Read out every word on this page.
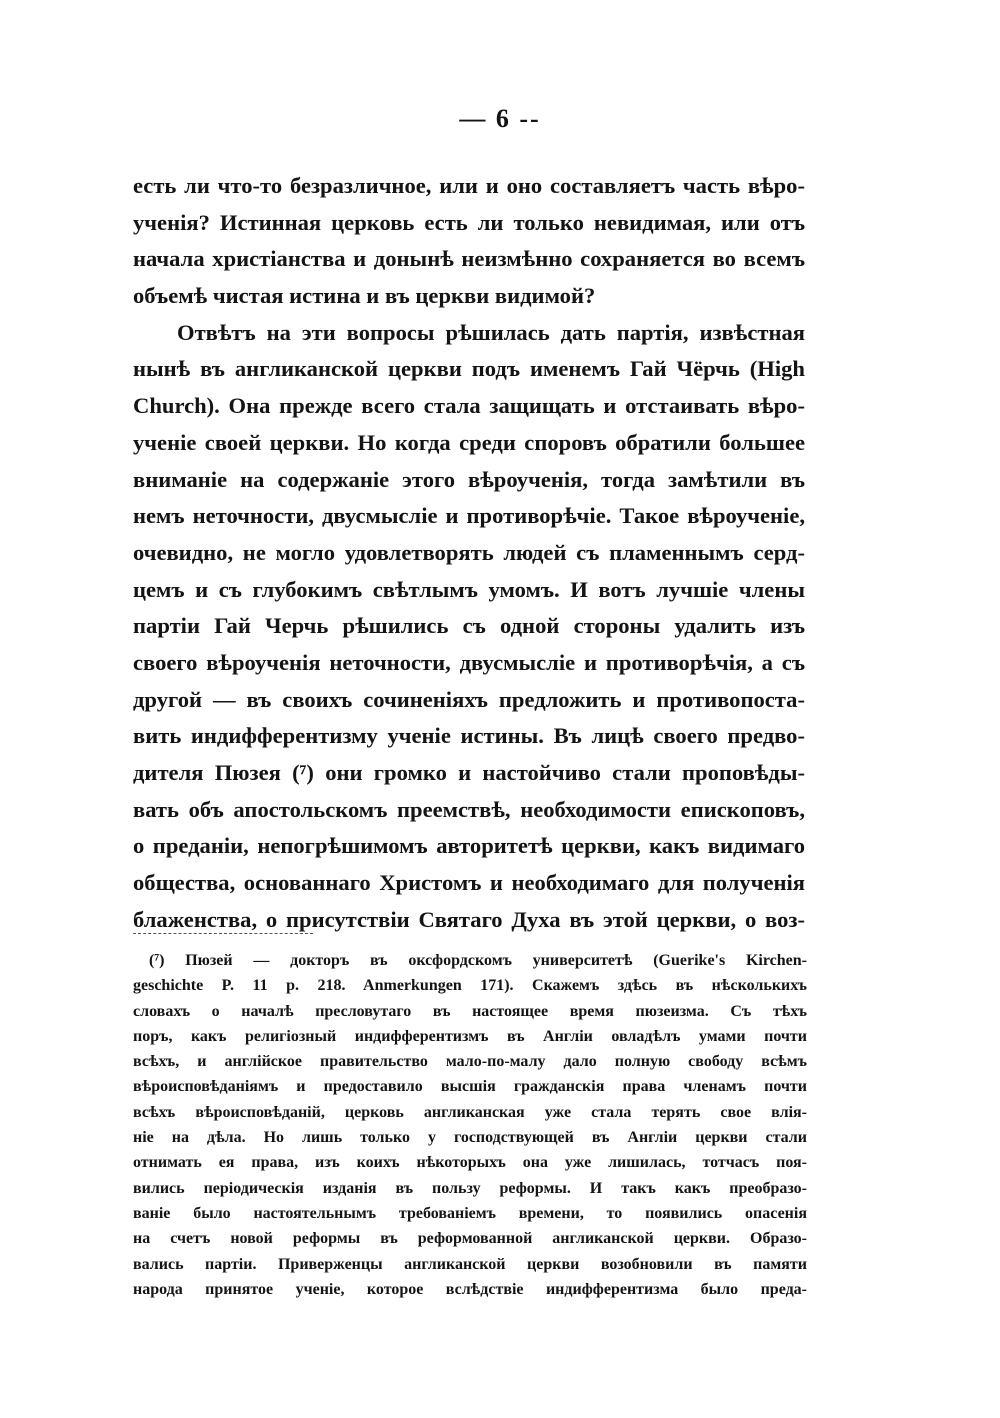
— 6 --
есть ли что-то безразличное, или и оно составляетъ часть вѣро-
ученія? Истинная церковь есть ли только невидимая, или отъ
начала христіанства и донынѣ неизмѣнно сохраняется во всемъ
объемѣ чистая истина и въ церкви видимой?
Отвѣтъ на эти вопросы рѣшилась дать партія, извѣстная
нынѣ въ англиканской церкви подъ именемъ Гай Чёрчь (High
Church). Она прежде всего стала защищать и отстаивать вѣро-
ученіе своей церкви. Но когда среди споровъ обратили большее
вниманіе на содержаніе этого вѣроученія, тогда замѣтили въ
немъ неточности, двусмысліе и противорѣчіе. Такое вѣроученіе,
очевидно, не могло удовлетворять людей съ пламеннымъ серд-
цемъ и съ глубокимъ свѣтлымъ умомъ. И вотъ лучшіе члены
партіи Гай Черчь рѣшились съ одной стороны удалить изъ
своего вѣроученія неточности, двусмысліе и противорѣчія, а съ
другой — въ своихъ сочиненіяхъ предложить и противопоста-
вить индифферентизму ученіе истины. Въ лицѣ своего предво-
дителя Пюзея (⁷) они громко и настойчиво стали проповѣды-
вать объ апостольскомъ преемствѣ, необходимости епископовъ,
о преданіи, непогрѣшимомъ авторитетѣ церкви, какъ видимаго
общества, основаннаго Христомъ и необходимаго для полученія
блаженства, о присутствіи Святаго Духа въ этой церкви, о воз-
(⁷) Пюзей — докторъ въ оксфордскомъ университетѣ (Guerike's Kirchen-
geschichte P. 11 p. 218. Anmerkungen 171). Скажемъ здѣсь въ нѣсколькихъ
словахъ о началѣ пресловутаго въ настоящее время пюзеизма. Съ тѣхъ
поръ, какъ религіозный индифферентизмъ въ Англіи овладѣлъ умами почти
всѣхъ, и англійское правительство мало-по-малу дало полную свободу всѣмъ
вѣроисповѣданіямъ и предоставило высшія гражданскія права членамъ почти
всѣхъ вѣроисповѣданій, церковь англиканская уже стала терять свое влія-
ніе на дѣла. Но лишь только у господствующей въ Англіи церкви стали
отнимать ея права, изъ коихъ нѣкоторыхъ она уже лишилась, тотчасъ поя-
вились періодическія изданія въ пользу реформы. И такъ какъ преобразо-
ваніе было настоятельнымъ требованіемъ времени, то появились опасенія
на счетъ новой реформы въ реформованной англиканской церкви. Образо-
вались партіи. Приверженцы англиканской церкви возобновили въ памяти
народа принятое ученіе, которое вслѣдствіе индифферентизма было преда-
